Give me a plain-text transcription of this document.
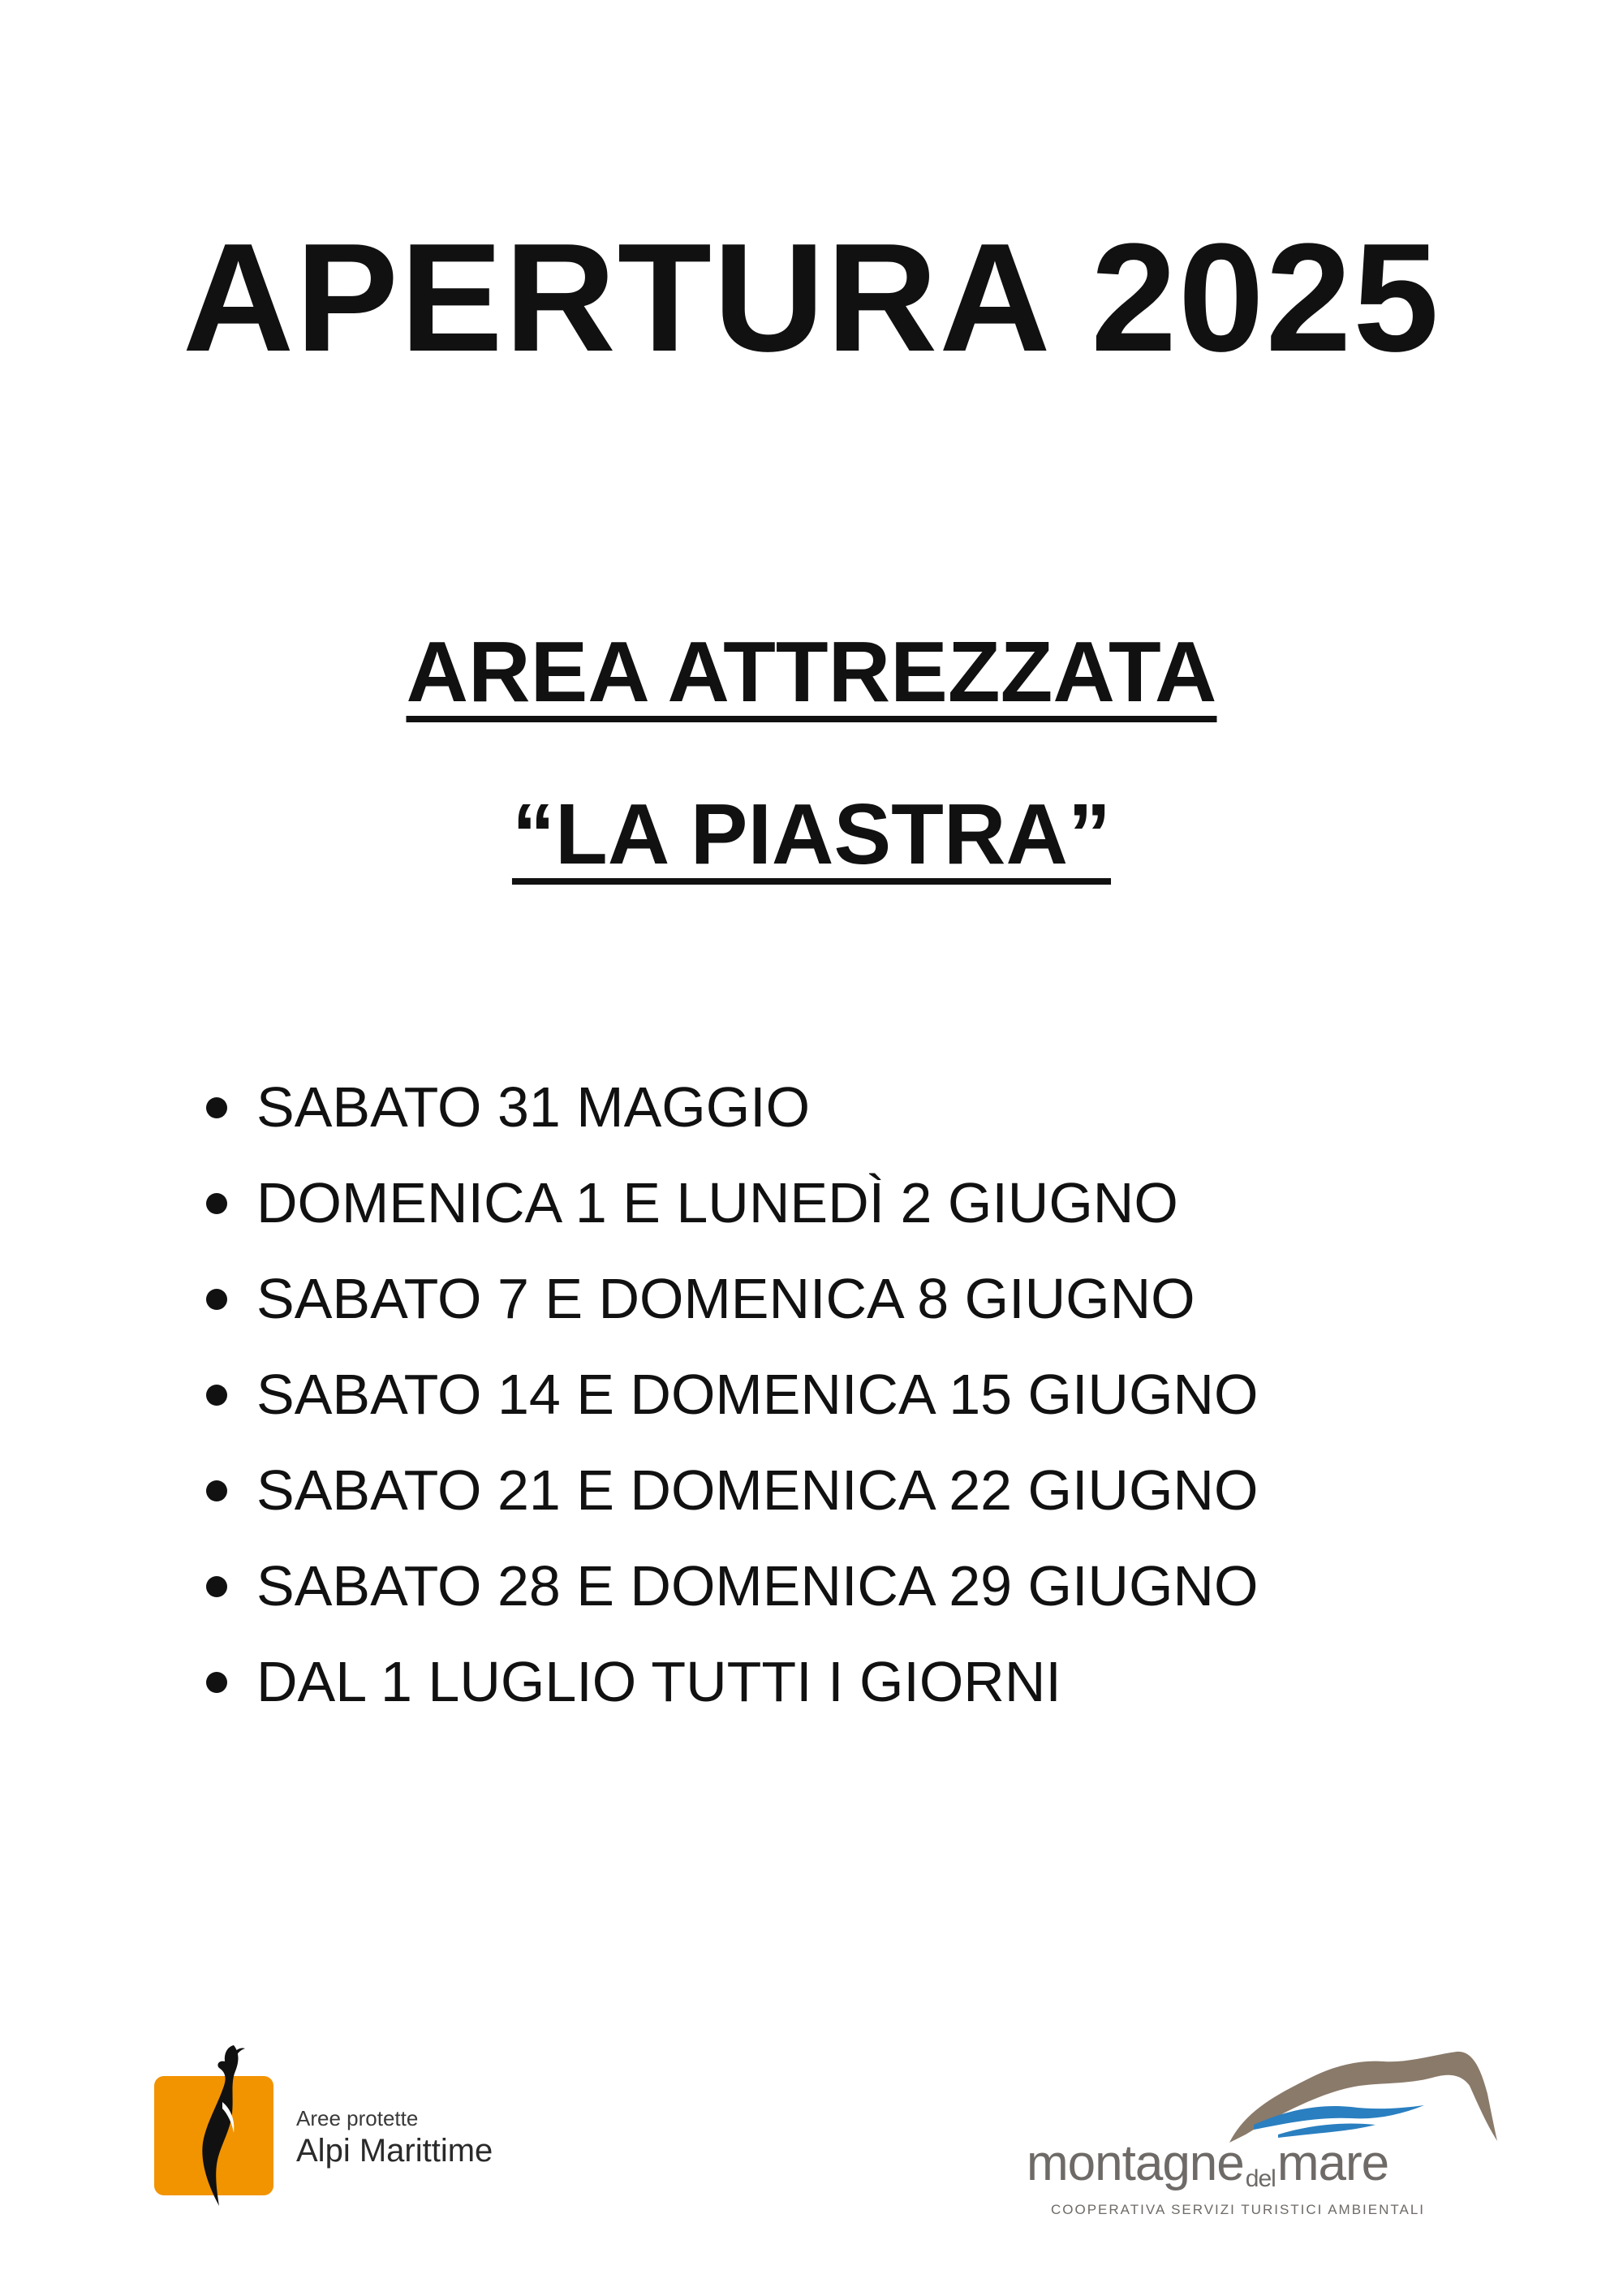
APERTURA 2025
AREA ATTREZZATA
“LA PIASTRA”
SABATO 31 MAGGIO
DOMENICA 1 E LUNEDÌ 2 GIUGNO
SABATO 7 E DOMENICA 8 GIUGNO
SABATO 14 E DOMENICA 15 GIUGNO
SABATO 21 E DOMENICA 22 GIUGNO
SABATO 28 E DOMENICA 29 GIUGNO
DAL 1 LUGLIO TUTTI I GIORNI
Aree protette
Alpi Marittime	montagnedelmare
COOPERATIVA SERVIZI TURISTICI AMBIENTALI
